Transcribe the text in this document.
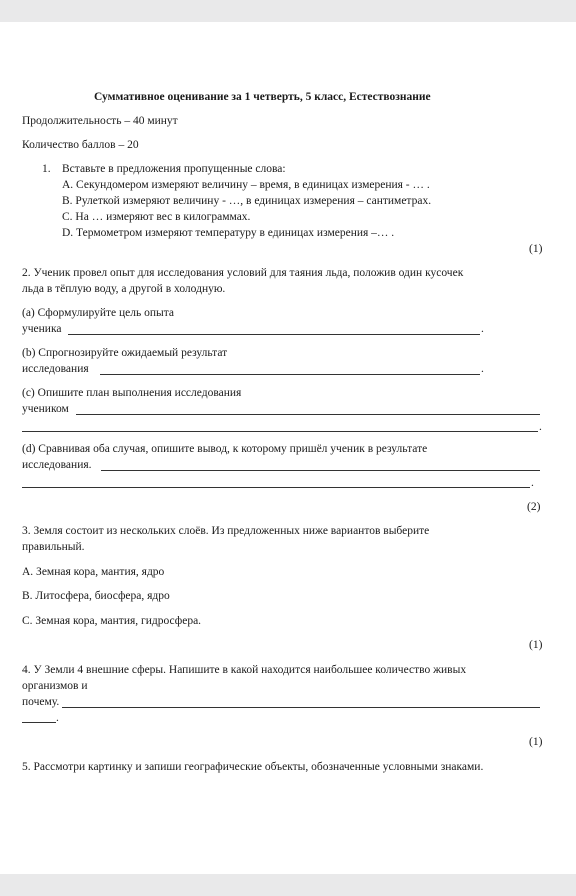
Суммативное оценивание за 1 четверть, 5 класс, Естествознание
Продолжительность – 40 минут
Количество баллов – 20
1. Вставьте в предложения пропущенные слова:
A. Секундомером измеряют величину – время, в единицах измерения - … .
B. Рулеткой измеряют величину - …, в единицах измерения – сантиметрах.
C. На … измеряют вес в килограммах.
D. Термометром измеряют температуру в единицах измерения –… .
(1)
2. Ученик провел опыт для исследования условий для таяния льда, положив один кусочек
льда в тёплую воду, а другой в холодную.
(a) Сформулируйте цель опыта
ученика	.
(b) Спрогнозируйте ожидаемый результат
исследования	.
(c) Опишите план выполнения исследования
учеником
.
(d) Сравнивая оба случая, опишите вывод, к которому пришёл ученик в результате
исследования.
.
(2)
3. Земля состоит из нескольких слоёв. Из предложенных ниже вариантов выберите
правильный.
А. Земная кора, мантия, ядро
В. Литосфера, биосфера, ядро
С. Земная кора, мантия, гидросфера.
(1)
4. У Земли 4 внешние сферы. Напишите в какой находится наибольшее количество живых
организмов и
почему.
.
(1)
5. Рассмотри картинку и запиши географические объекты, обозначенные условными знаками.
